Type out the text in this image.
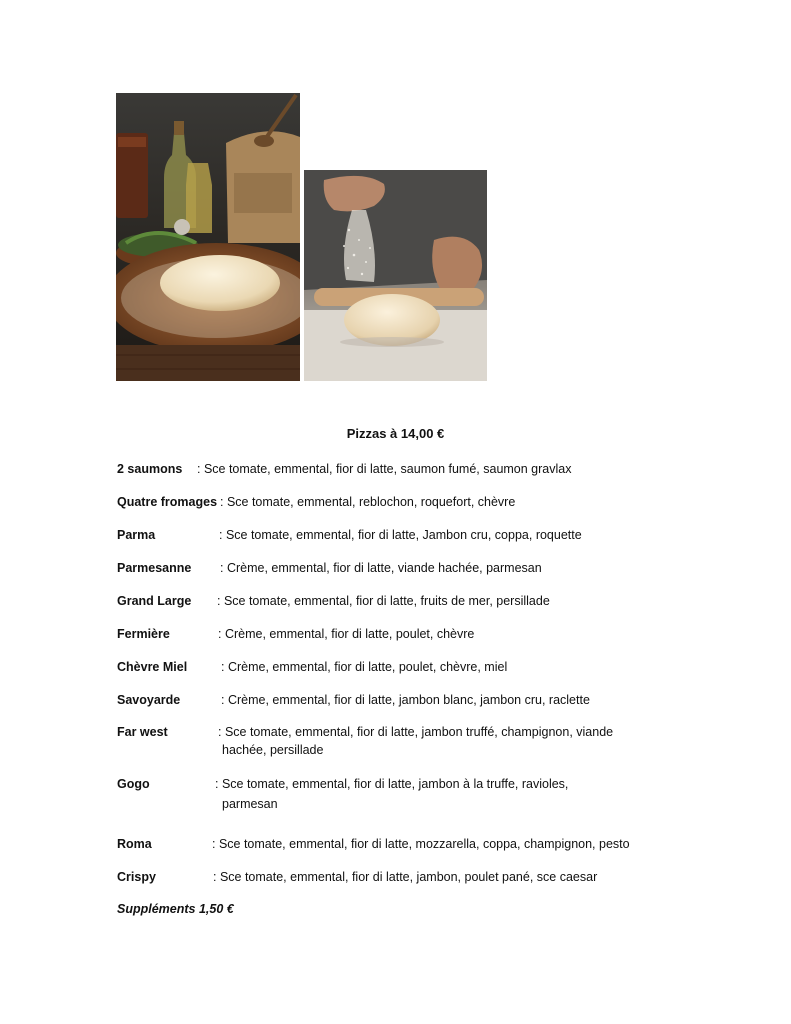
Pizzas à 14,00 €
2 saumons : Sce tomate, emmental, fior di latte, saumon fumé, saumon gravlax
Quatre fromages : Sce tomate, emmental, reblochon, roquefort, chèvre
Parma	: Sce tomate, emmental, fior di latte, Jambon cru, coppa, roquette
Parmesanne : Crème, emmental, fior di latte, viande hachée, parmesan
Grand Large : Sce tomate, emmental, fior di latte, fruits de mer, persillade
Fermière	: Crème, emmental, fior di latte, poulet, chèvre
Chèvre Miel	: Crème, emmental, fior di latte, poulet, chèvre, miel
Savoyarde	: Crème, emmental, fior di latte, jambon blanc, jambon cru, raclette
Far west	: Sce tomate, emmental, fior di latte, jambon truffé, champignon, viande
hachée, persillade
Gogo	: Sce tomate, emmental, fior di latte, jambon à la truffe, ravioles,
parmesan
Roma	: Sce tomate, emmental, fior di latte, mozzarella, coppa, champignon, pesto
Crispy	: Sce tomate, emmental, fior di latte, jambon, poulet pané, sce caesar
Suppléments 1,50 €
